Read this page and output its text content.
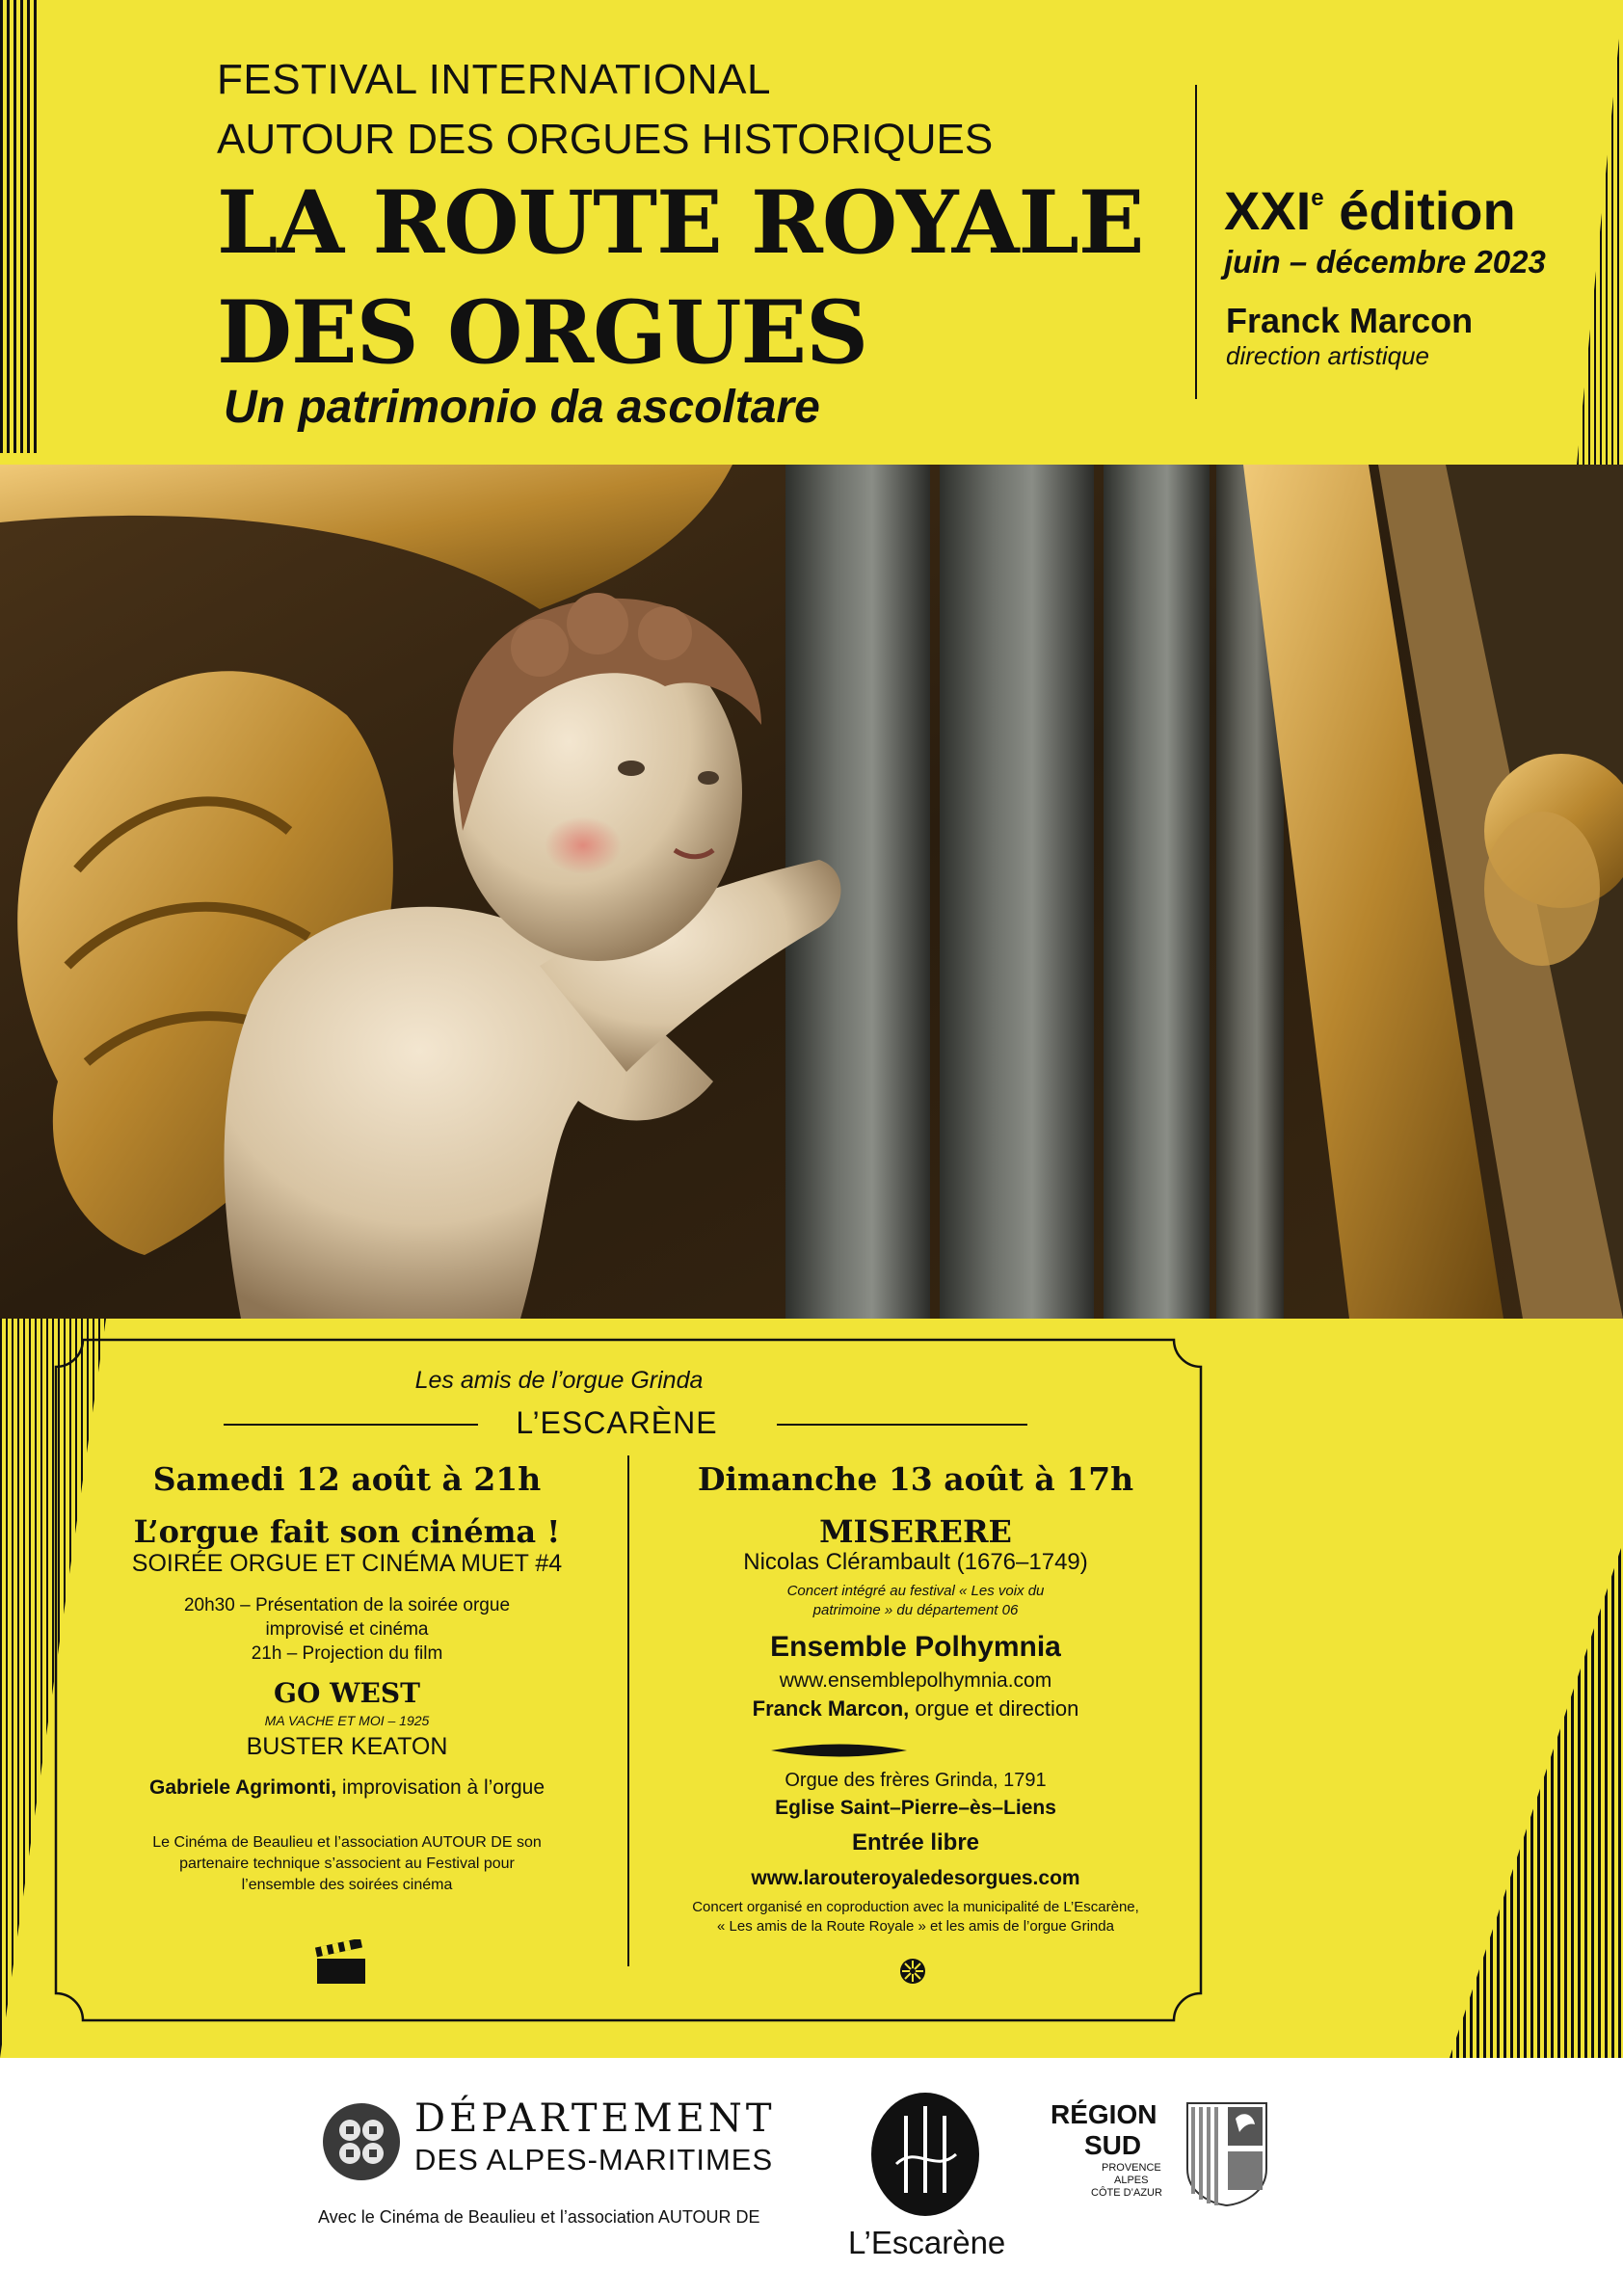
FESTIVAL INTERNATIONAL
AUTOUR DES ORGUES HISTORIQUES
LA ROUTE ROYALE
DES ORGUES
Un patrimonio da ascoltare
XXIe édition
juin – décembre 2023
Franck Marcon
direction artistique
Les amis de l’orgue Grinda
L’ESCARÈNE
Samedi 12 août à 21h
L’orgue fait son cinéma !
SOIRÉE ORGUE ET CINÉMA MUET #4
20h30 – Présentation de la soirée orgue
improvisé et cinéma
21h – Projection du film
GO WEST
MA VACHE ET MOI – 1925
BUSTER KEATON
Gabriele Agrimonti, improvisation à l’orgue
Le Cinéma de Beaulieu et l’association AUTOUR DE son
partenaire technique s’associent au Festival pour
l’ensemble des soirées cinéma
Dimanche 13 août à 17h
MISERERE
Nicolas Clérambault (1676–1749)
Concert intégré au festival « Les voix du
patrimoine » du département 06
Ensemble Polhymnia
www.ensemblepolhymnia.com
Franck Marcon, orgue et direction
Orgue des frères Grinda, 1791
Eglise Saint–Pierre–ès–Liens
Entrée libre
www.larouteroyaledesorgues.com
Concert organisé en coproduction avec la municipalité de L’Escarène,
« Les amis de la Route Royale » et les amis de l’orgue Grinda
DÉPARTEMENT
DES ALPES-MARITIMES
Avec le Cinéma de Beaulieu et l’association AUTOUR DE
L’Escarène
RÉGION
SUD
PROVENCE
ALPES
CÔTE D’AZUR
